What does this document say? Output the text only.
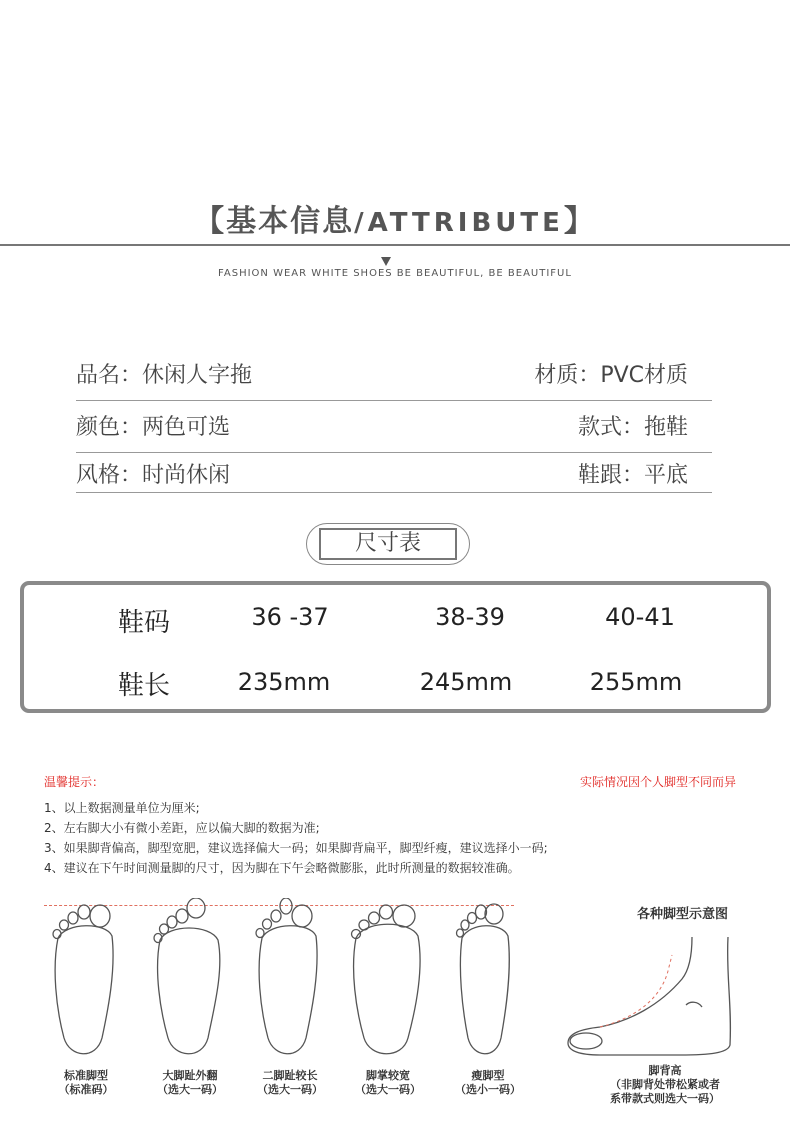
【基本信息/ATTRIBUTE】
FASHION WEAR WHITE SHOES BE BEAUTIFUL, BE BEAUTIFUL
品名：休闲人字拖	材质：PVC材质
颜色：两色可选	款式：拖鞋
风格：时尚休闲	鞋跟：平底
尺寸表
鞋码	36 -37	38-39	40-41
鞋长	235mm	245mm	255mm
温馨提示：	实际情况因个人脚型不同而异
1、以上数据测量单位为厘米;
2、左右脚大小有微小差距，应以偏大脚的数据为准;
3、如果脚背偏高，脚型宽肥，建议选择偏大一码；如果脚背扁平，脚型纤瘦，建议选择小一码;
4、建议在下午时间测量脚的尺寸，因为脚在下午会略微膨胀，此时所测量的数据较准确。
标准脚型
（标准码）
大脚趾外翻
（选大一码）
二脚趾较长
（选大一码）
脚掌较宽
（选大一码）
瘦脚型
（选小一码）
各种脚型示意图
脚背高
（非脚背处带松紧或者
系带款式则选大一码）
